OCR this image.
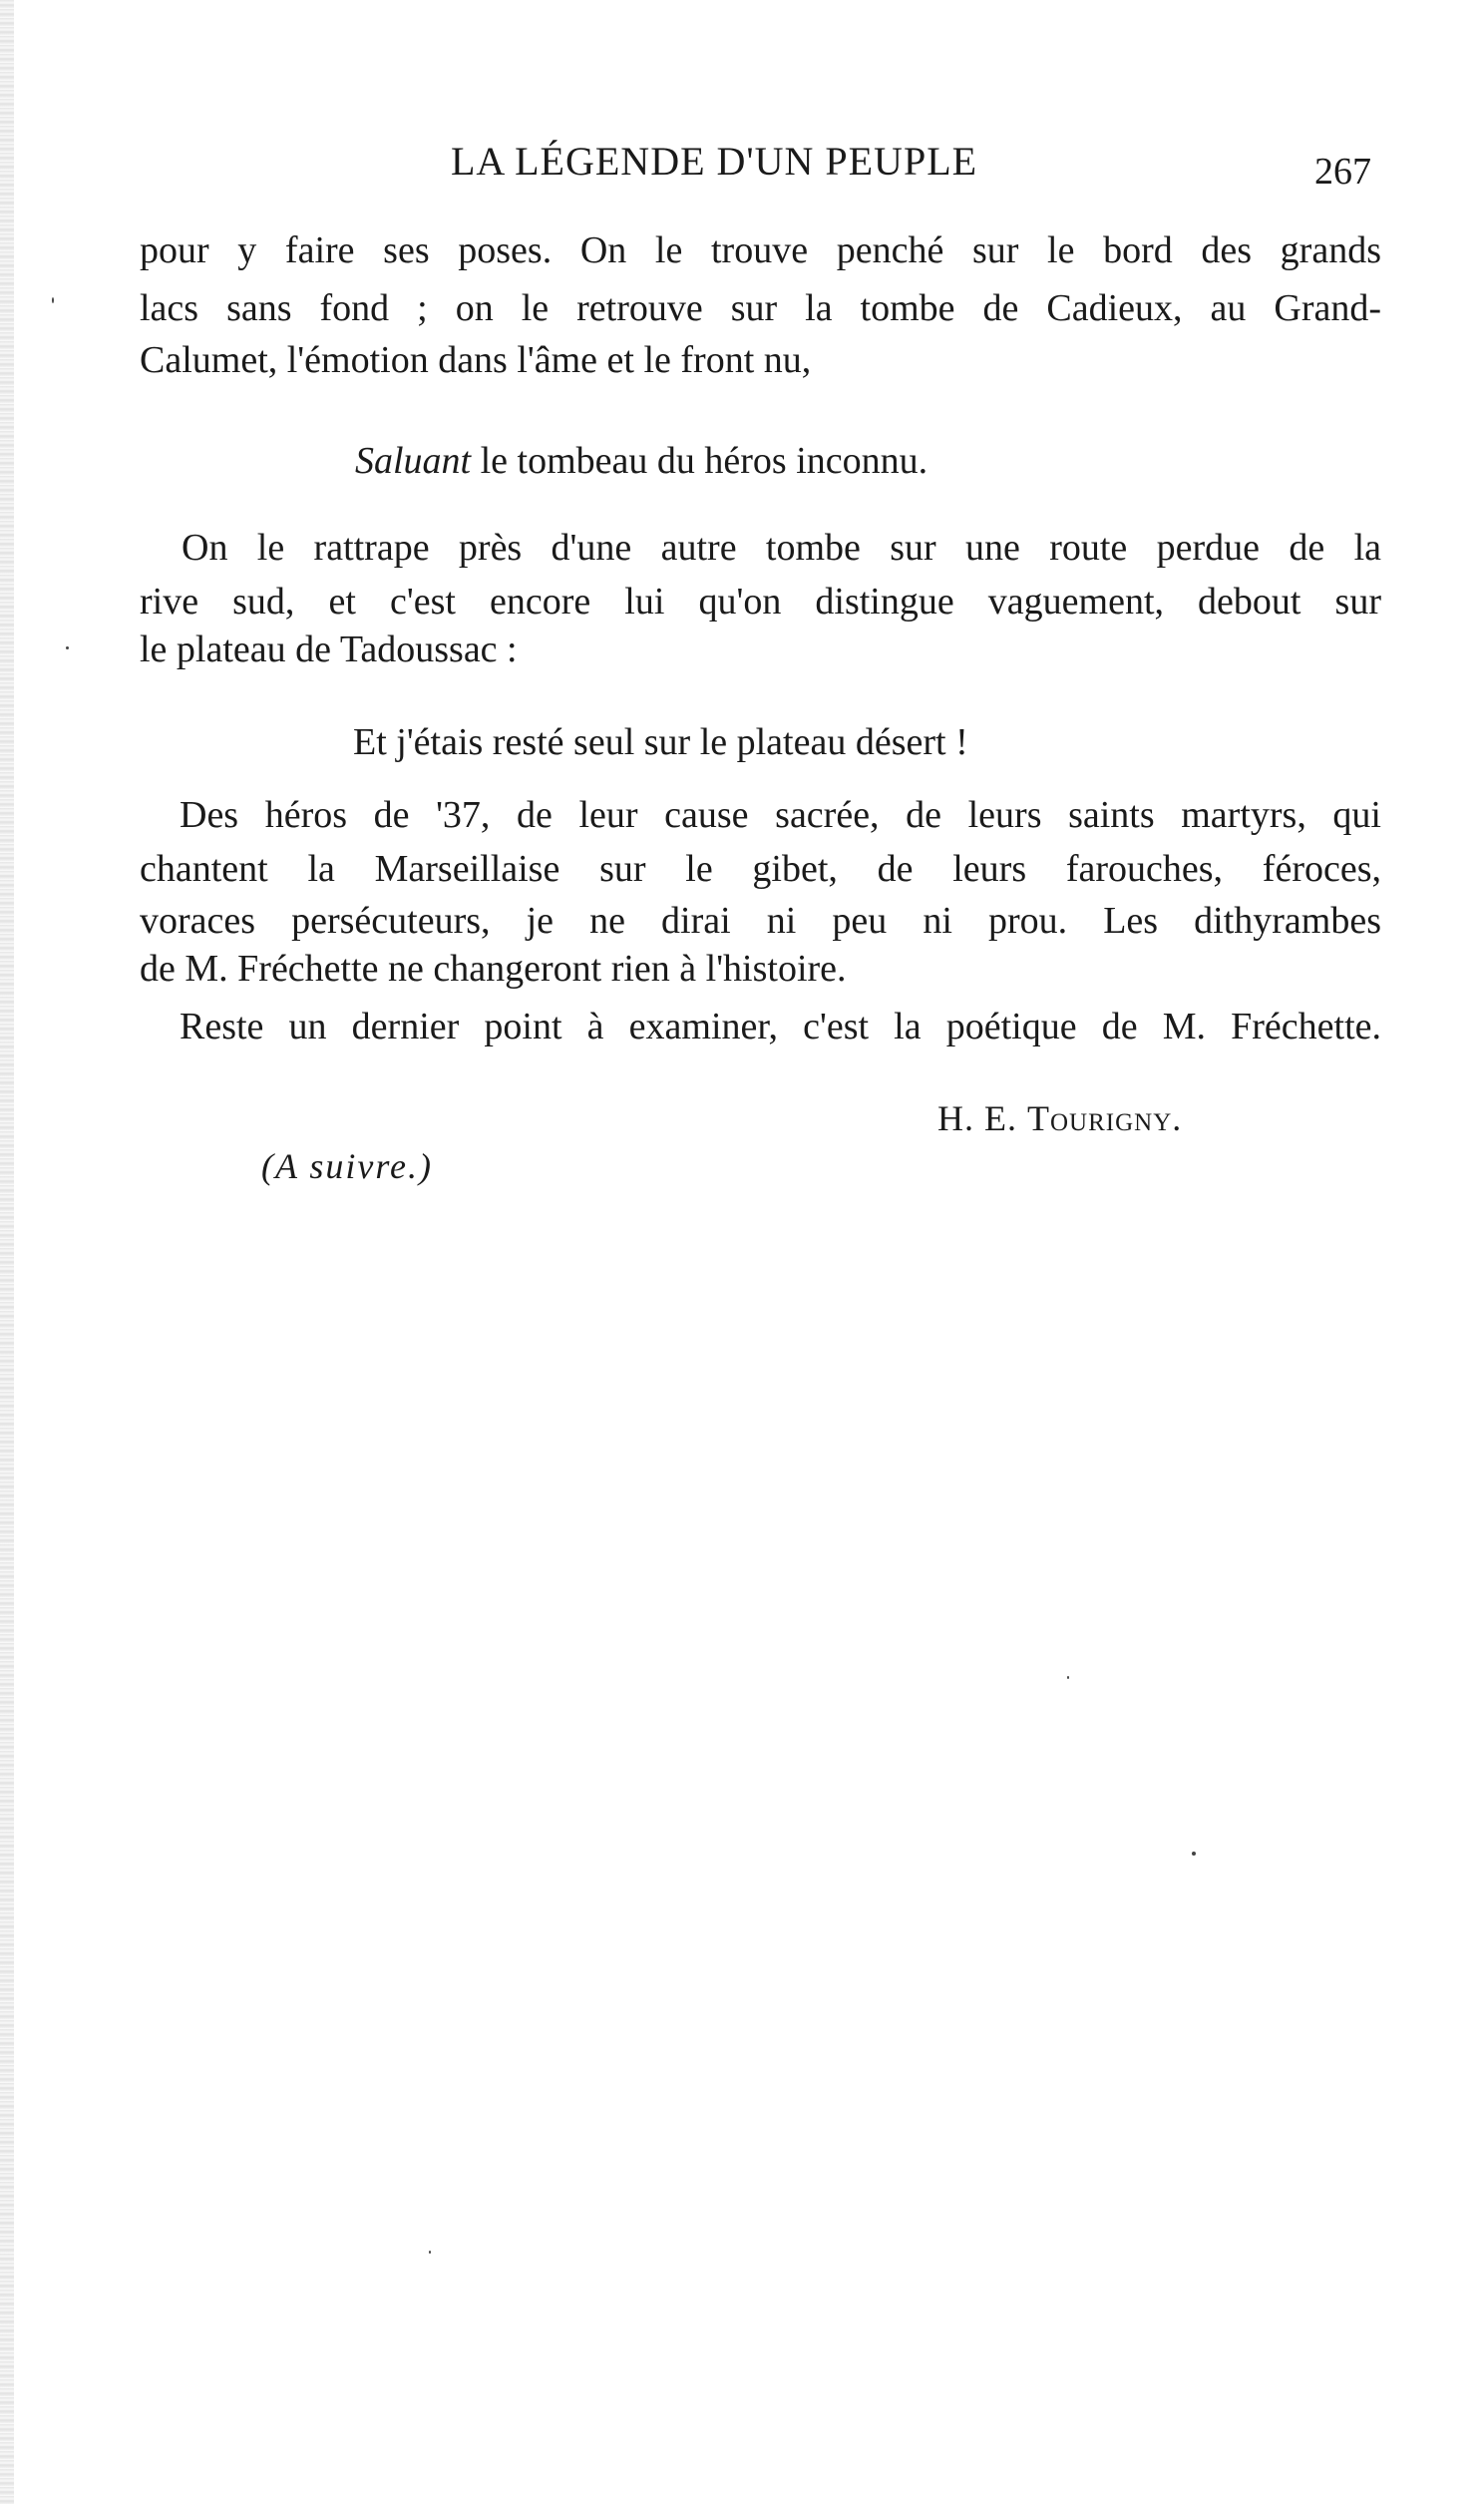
LA LÉGENDE D'UN PEUPLE	267
pour y faire ses poses. On le trouve penché sur le bord des grands
lacs sans fond ; on le retrouve sur la tombe de Cadieux, au Grand-
Calumet, l'émotion dans l'âme et le front nu,
Saluant le tombeau du héros inconnu.
On le rattrape près d'une autre tombe sur une route perdue de la
rive sud, et c'est encore lui qu'on distingue vaguement, debout sur
le plateau de Tadoussac :
Et j'étais resté seul sur le plateau désert !
Des héros de '37, de leur cause sacrée, de leurs saints martyrs, qui
chantent la Marseillaise sur le gibet, de leurs farouches, féroces,
voraces persécuteurs, je ne dirai ni peu ni prou. Les dithyrambes
de M. Fréchette ne changeront rien à l'histoire.
Reste un dernier point à examiner, c'est la poétique de M. Fréchette.
H. E. Tourigny.
(A suivre.)
